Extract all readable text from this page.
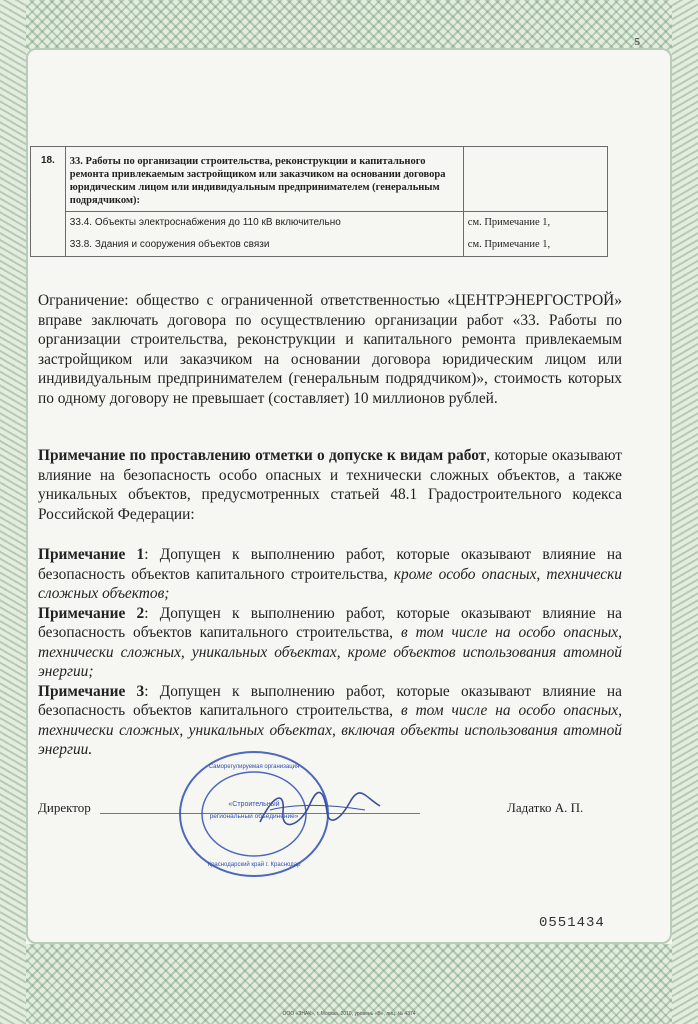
5
18.	33. Работы по организации строительства, реконструкции и капитального ремонта привлекаемым застройщиком или заказчиком на основании договора юридическим лицом или индивидуальным предпринимателем (генеральным подрядчиком):	

	33.4. Объекты электроснабжения до 110 кВ включительно	см. Примечание 1,

	33.8. Здания и сооружения объектов связи	см. Примечание 1,
Ограничение: общество с ограниченной ответственностью «ЦЕНТРЭНЕРГОСТРОЙ» вправе заключать договора по осуществлению организации работ «33. Работы по организации строительства, реконструкции и капитального ремонта привлекаемым застройщиком или заказчиком на основании договора юридическим лицом или индивидуальным предпринимателем (генеральным подрядчиком)», стоимость которых по одному договору не превышает (составляет) 10 миллионов рублей.
Примечание по проставлению отметки о допуске к видам работ, которые оказывают влияние на безопасность особо опасных и технически сложных объектов, а также уникальных объектов, предусмотренных статьей 48.1 Градостроительного кодекса Российской Федерации:
Примечание 1: Допущен к выполнению работ, которые оказывают влияние на безопасность объектов капитального строительства, кроме особо опасных, технически сложных объектов;
Примечание 2: Допущен к выполнению работ, которые оказывают влияние на безопасность объектов капитального строительства, в том числе на особо опасных, технически сложных, уникальных объектах, кроме объектов использования атомной энергии;
Примечание 3: Допущен к выполнению работ, которые оказывают влияние на безопасность объектов капитального строительства, в том числе на особо опасных, технически сложных, уникальных объектах, включая объекты использования атомной энергии.
Директор	Ладатко А. П.
«Строительный
региональный объединение»
Саморегулируемая организация
Краснодарский край г. Краснодар
0551434
ООО «ЗНАК», г. Москва, 2010, уровень «В», лиц. № 4374
